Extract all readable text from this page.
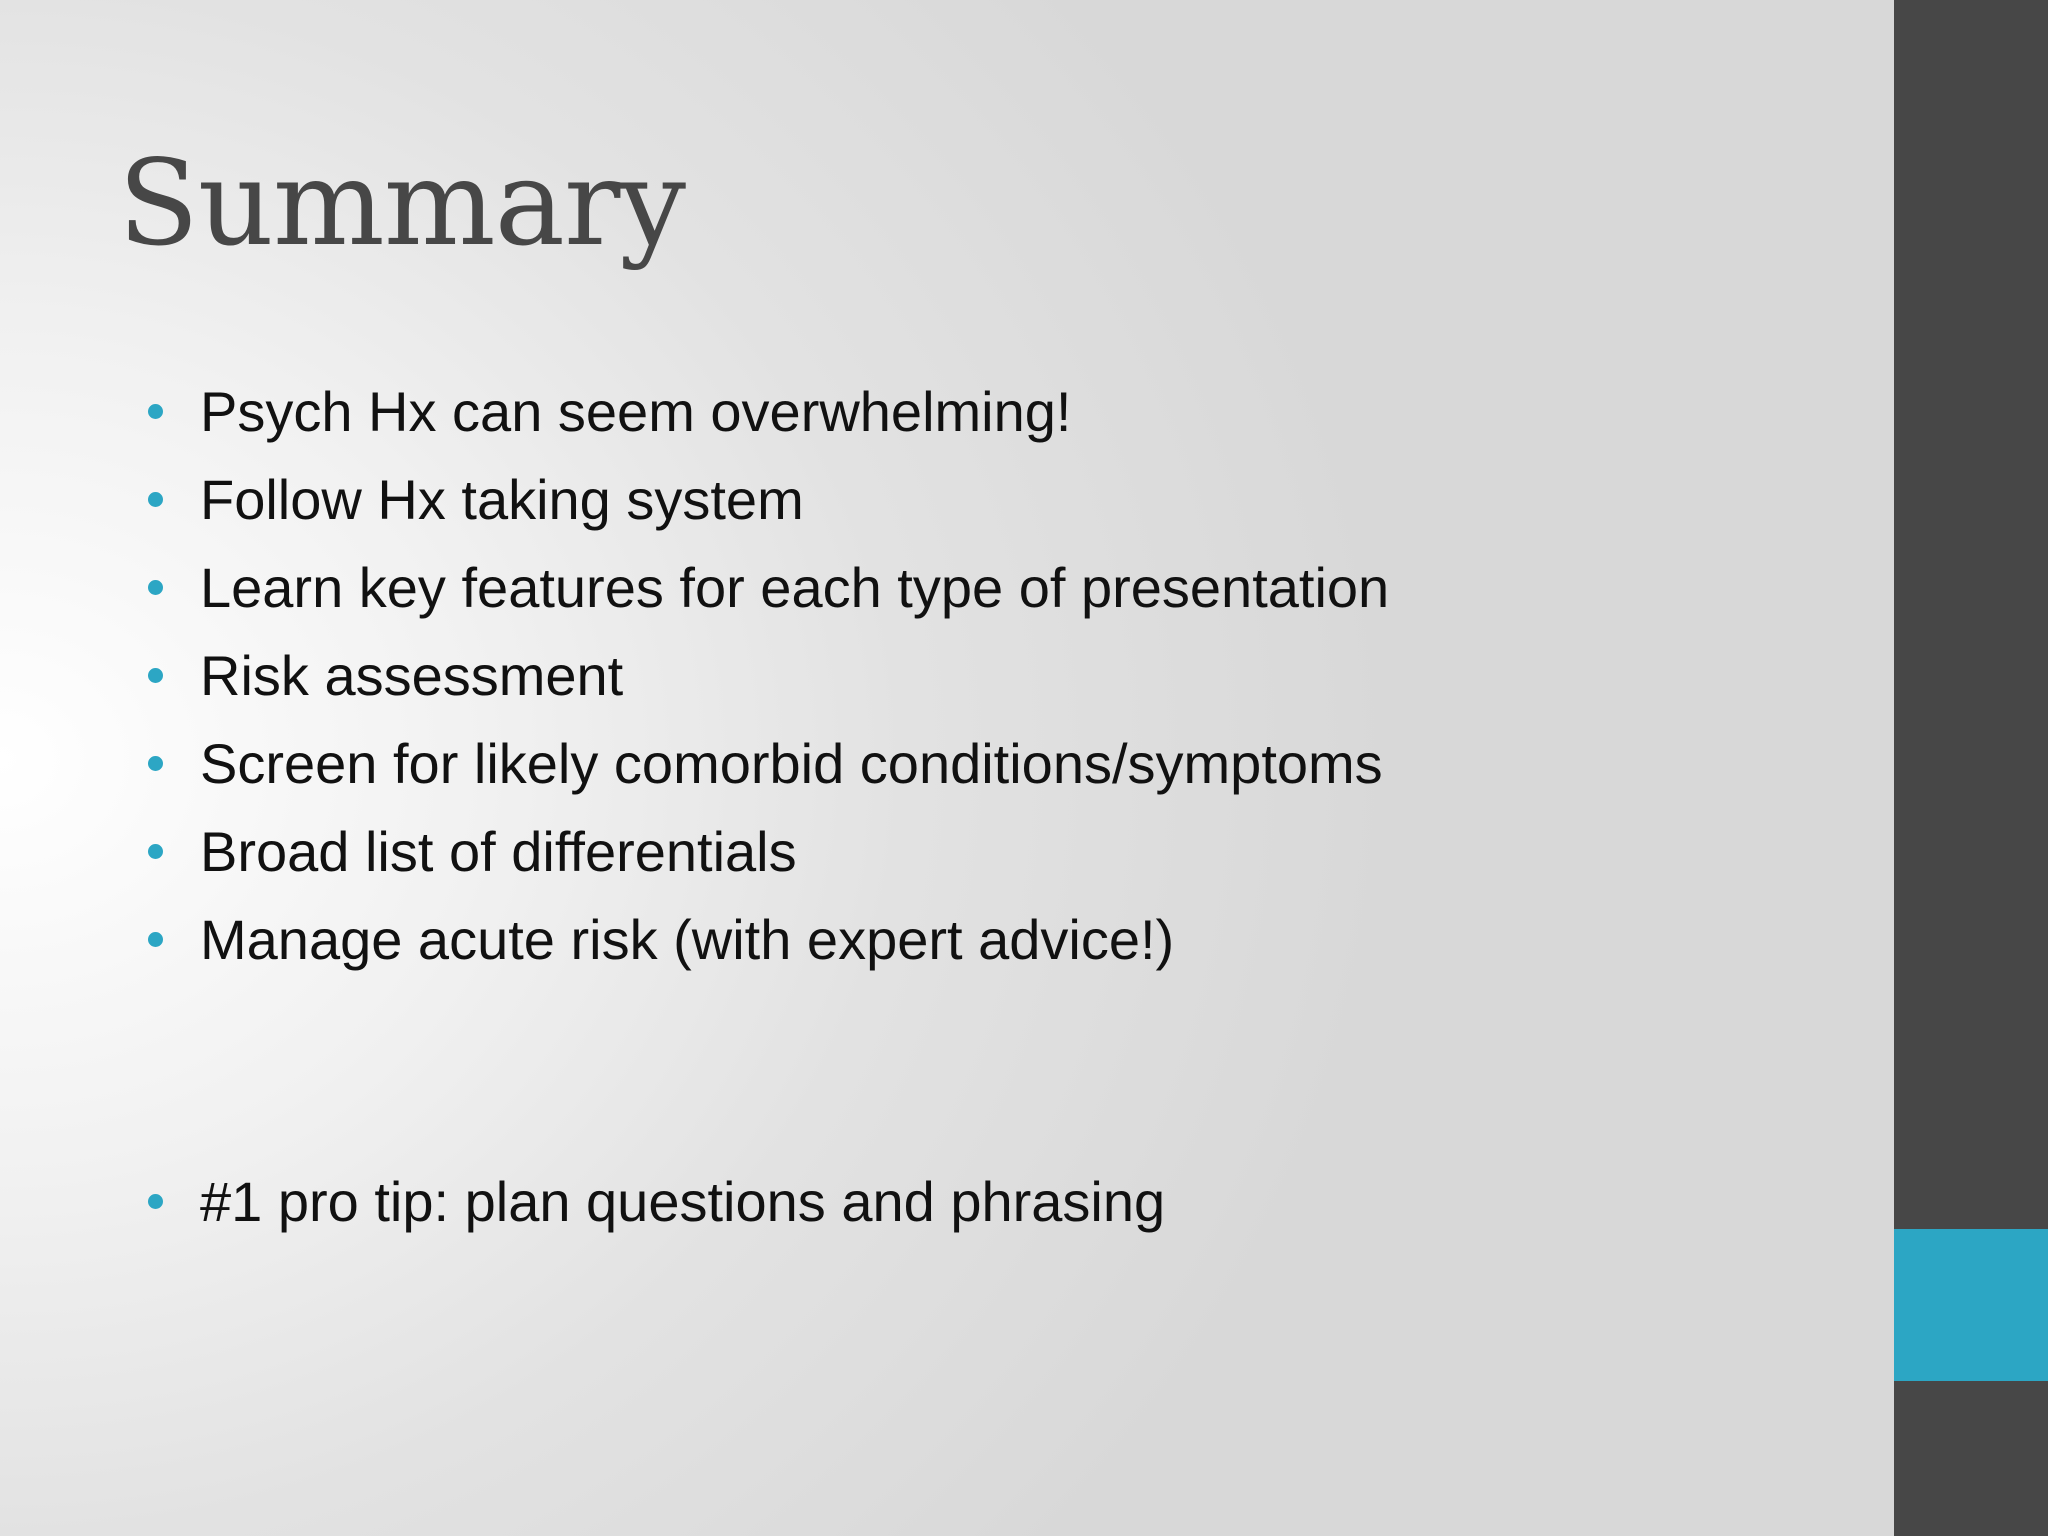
Summary
Psych Hx can seem overwhelming!
Follow Hx taking system
Learn key features for each type of presentation
Risk assessment
Screen for likely comorbid conditions/symptoms
Broad list of differentials
Manage acute risk (with expert advice!)
#1 pro tip: plan questions and phrasing
